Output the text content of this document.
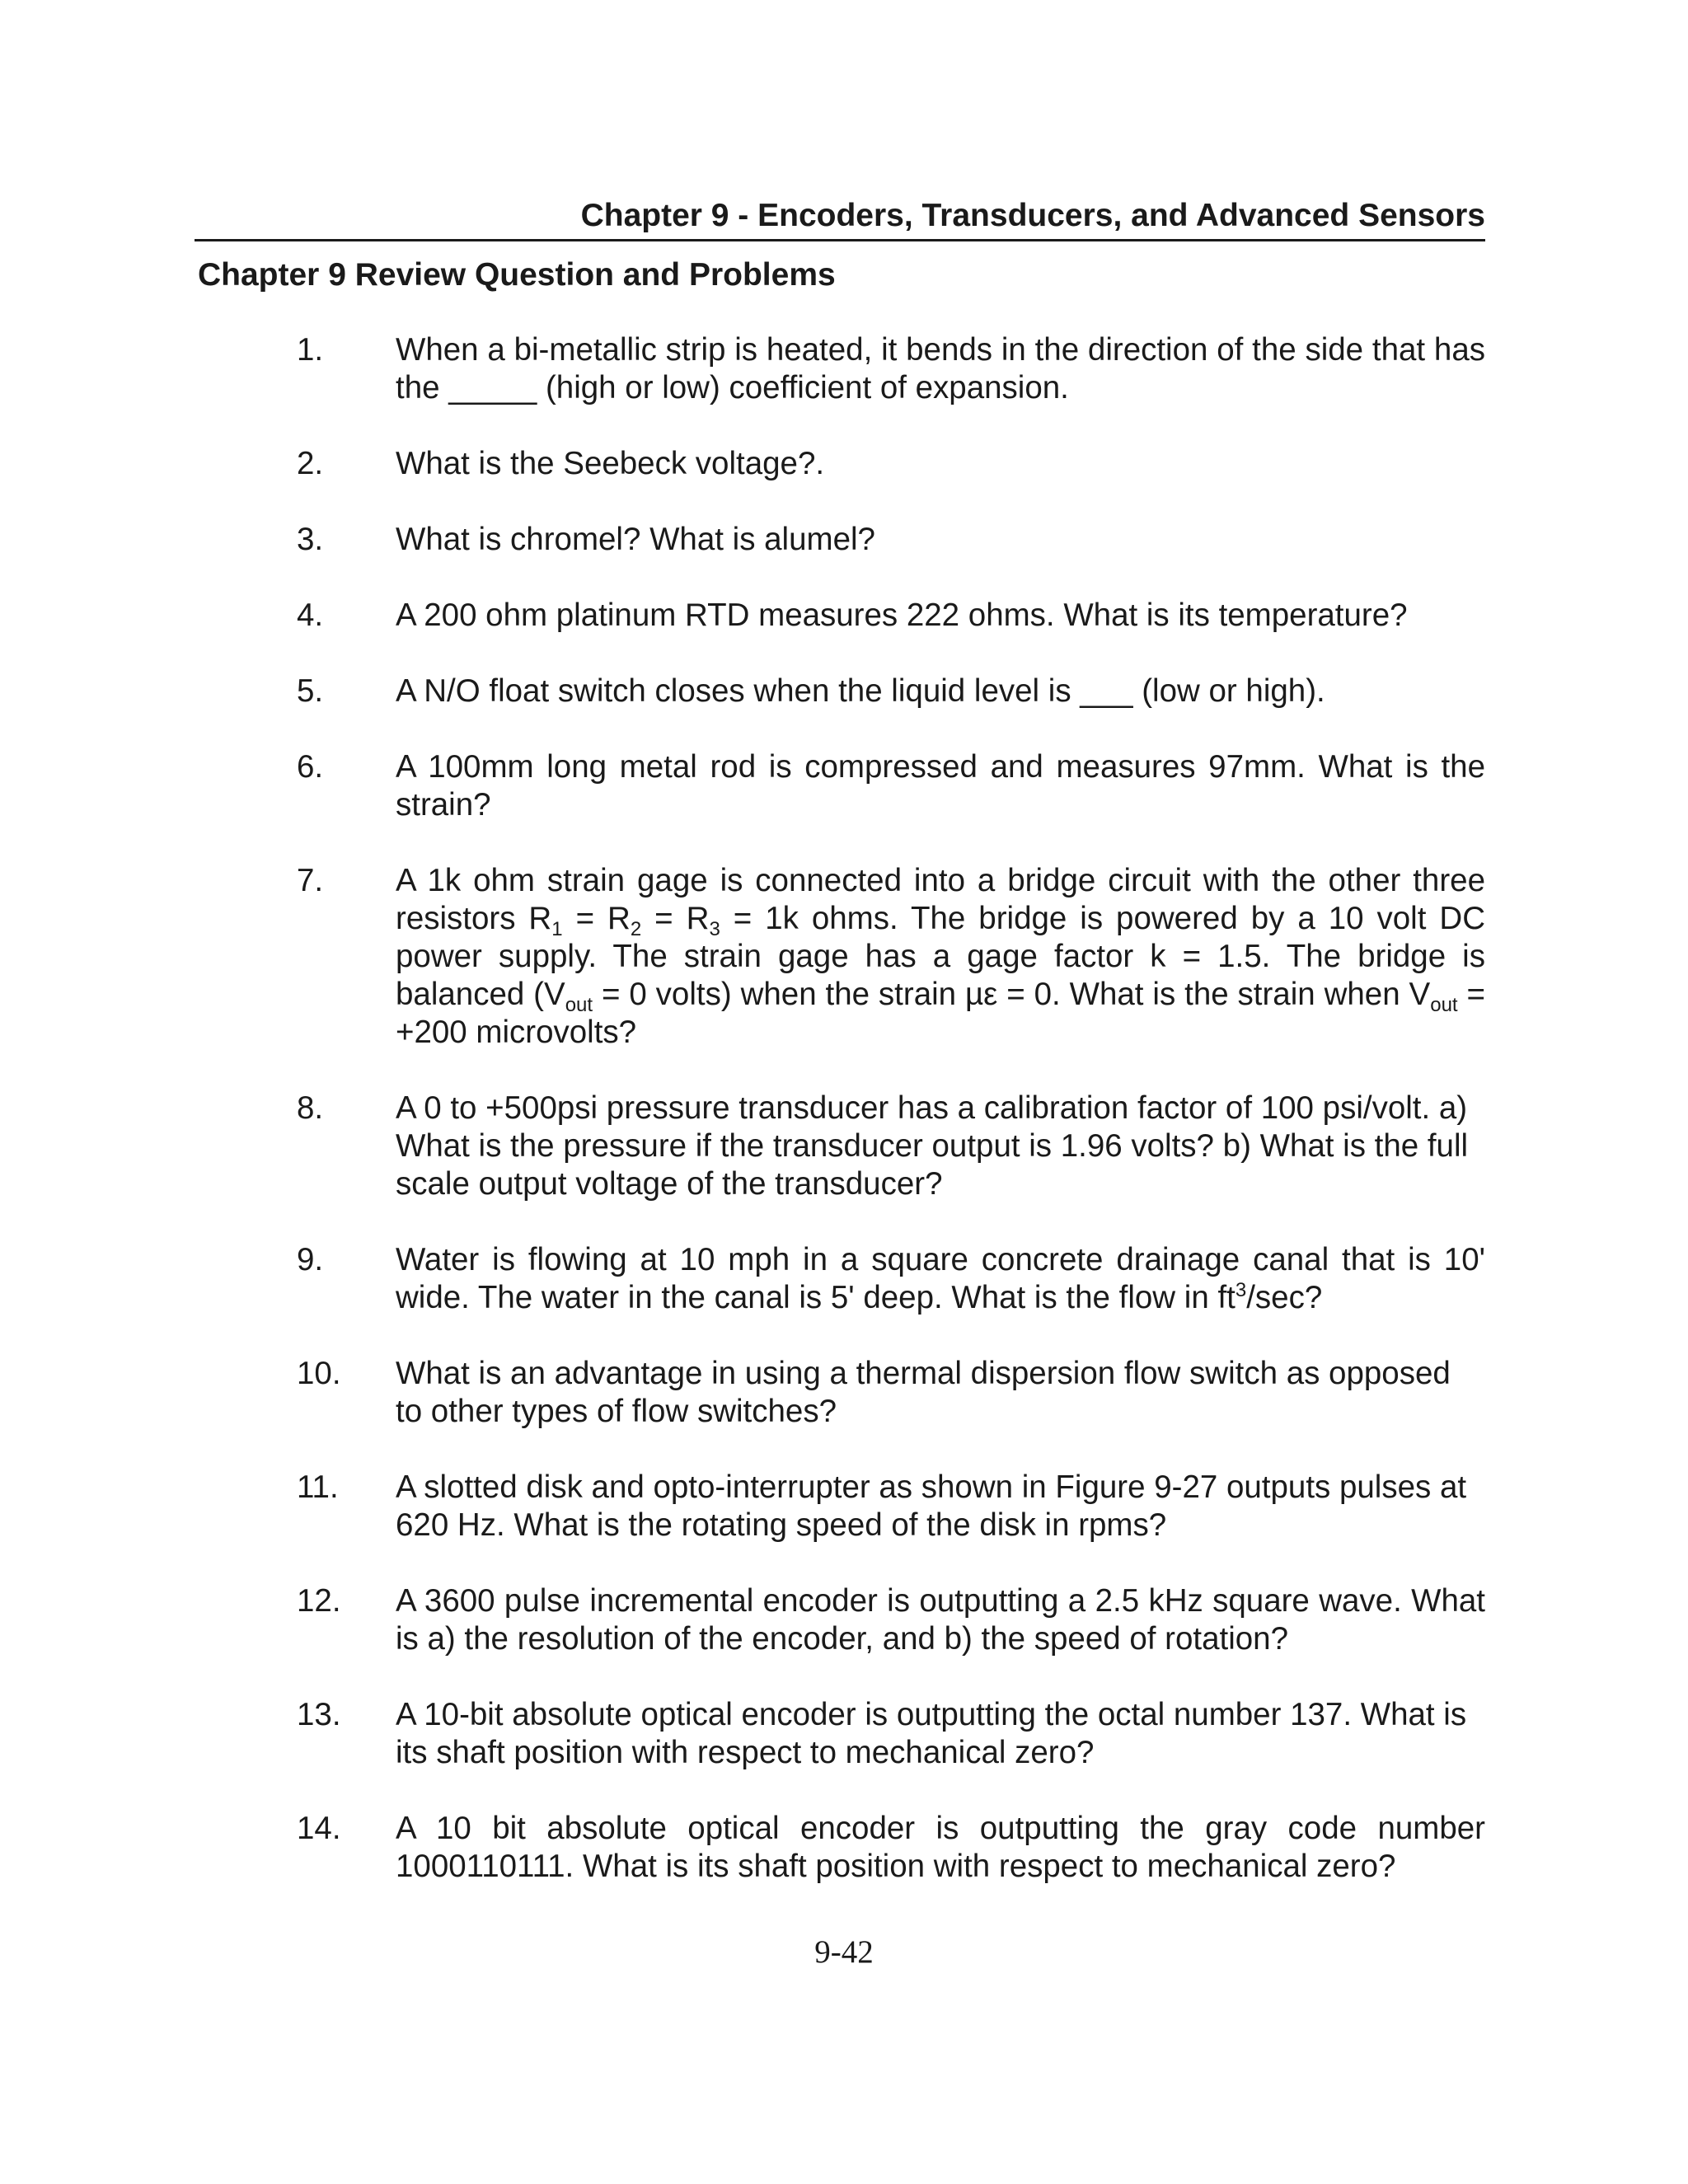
Chapter 9 - Encoders, Transducers, and Advanced Sensors
Chapter 9 Review Question and Problems
1. When a bi-metallic strip is heated, it bends in the direction of the side that has the _____ (high or low) coefficient of expansion.
2. What is the Seebeck voltage?.
3. What is chromel? What is alumel?
4. A 200 ohm platinum RTD measures 222 ohms. What is its temperature?
5. A N/O float switch closes when the liquid level is ___ (low or high).
6. A 100mm long metal rod is compressed and measures 97mm. What is the strain?
7. A 1k ohm strain gage is connected into a bridge circuit with the other three resistors $R_1 = R_2 = R_3 = 1k$ ohms. The bridge is powered by a 10 volt DC power supply. The strain gage has a gage factor k = 1.5. The bridge is balanced ($V_{out} = 0$ volts) when the strain µε = 0. What is the strain when $V_{out} = +200$ microvolts?
8. A 0 to +500psi pressure transducer has a calibration factor of 100 psi/volt. a) What is the pressure if the transducer output is 1.96 volts? b) What is the full scale output voltage of the transducer?
9. Water is flowing at 10 mph in a square concrete drainage canal that is 10' wide. The water in the canal is 5' deep. What is the flow in $ft^3/\sec$?
10. What is an advantage in using a thermal dispersion flow switch as opposed to other types of flow switches?
11. A slotted disk and opto-interrupter as shown in Figure 9-27 outputs pulses at 620 Hz. What is the rotating speed of the disk in rpms?
12. A 3600 pulse incremental encoder is outputting a 2.5 kHz square wave. What is a) the resolution of the encoder, and b) the speed of rotation?
13. A 10-bit absolute optical encoder is outputting the octal number 137. What is its shaft position with respect to mechanical zero?
14. A 10 bit absolute optical encoder is outputting the gray code number 1000110111. What is its shaft position with respect to mechanical zero?
9-42
